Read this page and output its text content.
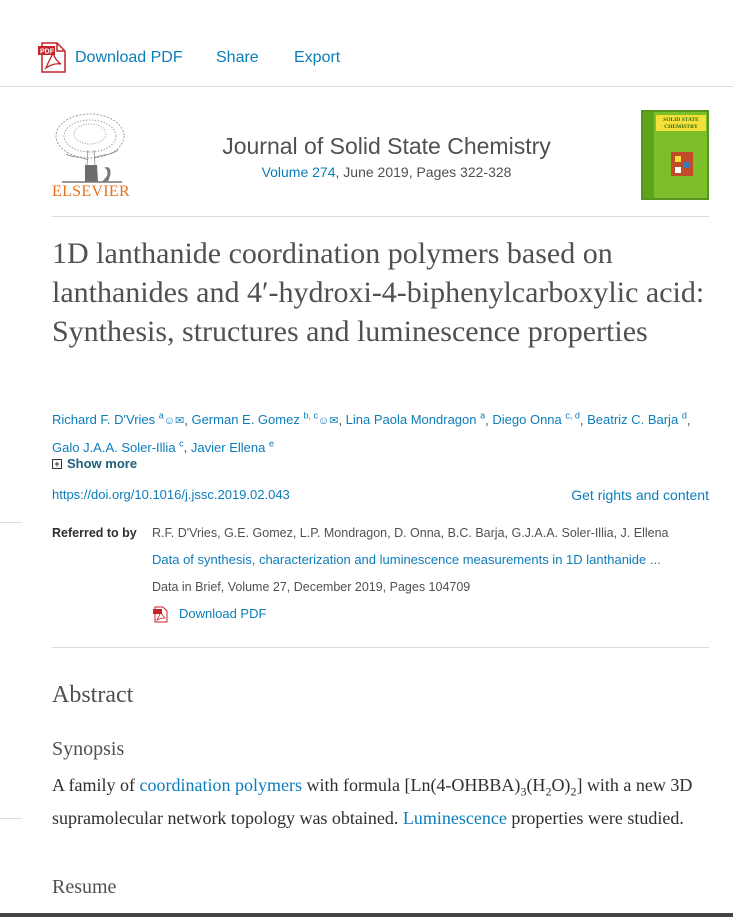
PDF Download PDF Share Export
ELSEVIER
Journal of Solid State Chemistry
Volume 274, June 2019, Pages 322-328
SOLID STATE
CHEMISTRY
1D lanthanide coordination polymers based on lanthanides and 4′-hydroxi-4-biphenylcarboxylic acid: Synthesis, structures and luminescence properties
Richard F. D'Vries $^a$☺✉, German E. Gomez $^{b, c}$☺✉, Lina Paola Mondragon $^a$, Diego Onna $^{c, d}$, Beatriz C. Barja $^d$, Galo J.A.A. Soler-Illia $^c$, Javier Ellena $^e$
+ Show more
https://doi.org/10.1016/j.jssc.2019.02.043	Get rights and content
Referred to by R.F. D'Vries, G.E. Gomez, L.P. Mondragon, D. Onna, B.C. Barja, G.J.A.A. Soler-Illia, J. Ellena
Data of synthesis, characterization and luminescence measurements in 1D lanthanide ...
Data in Brief, Volume 27, December 2019, Pages 104709
Download PDF
Abstract
Synopsis

A family of coordination polymers with formula $[Ln(4-OHBBA)_3(H_2O)_2]$ with a new 3D supramolecular network topology was obtained. Luminescence properties were studied.

Resume
